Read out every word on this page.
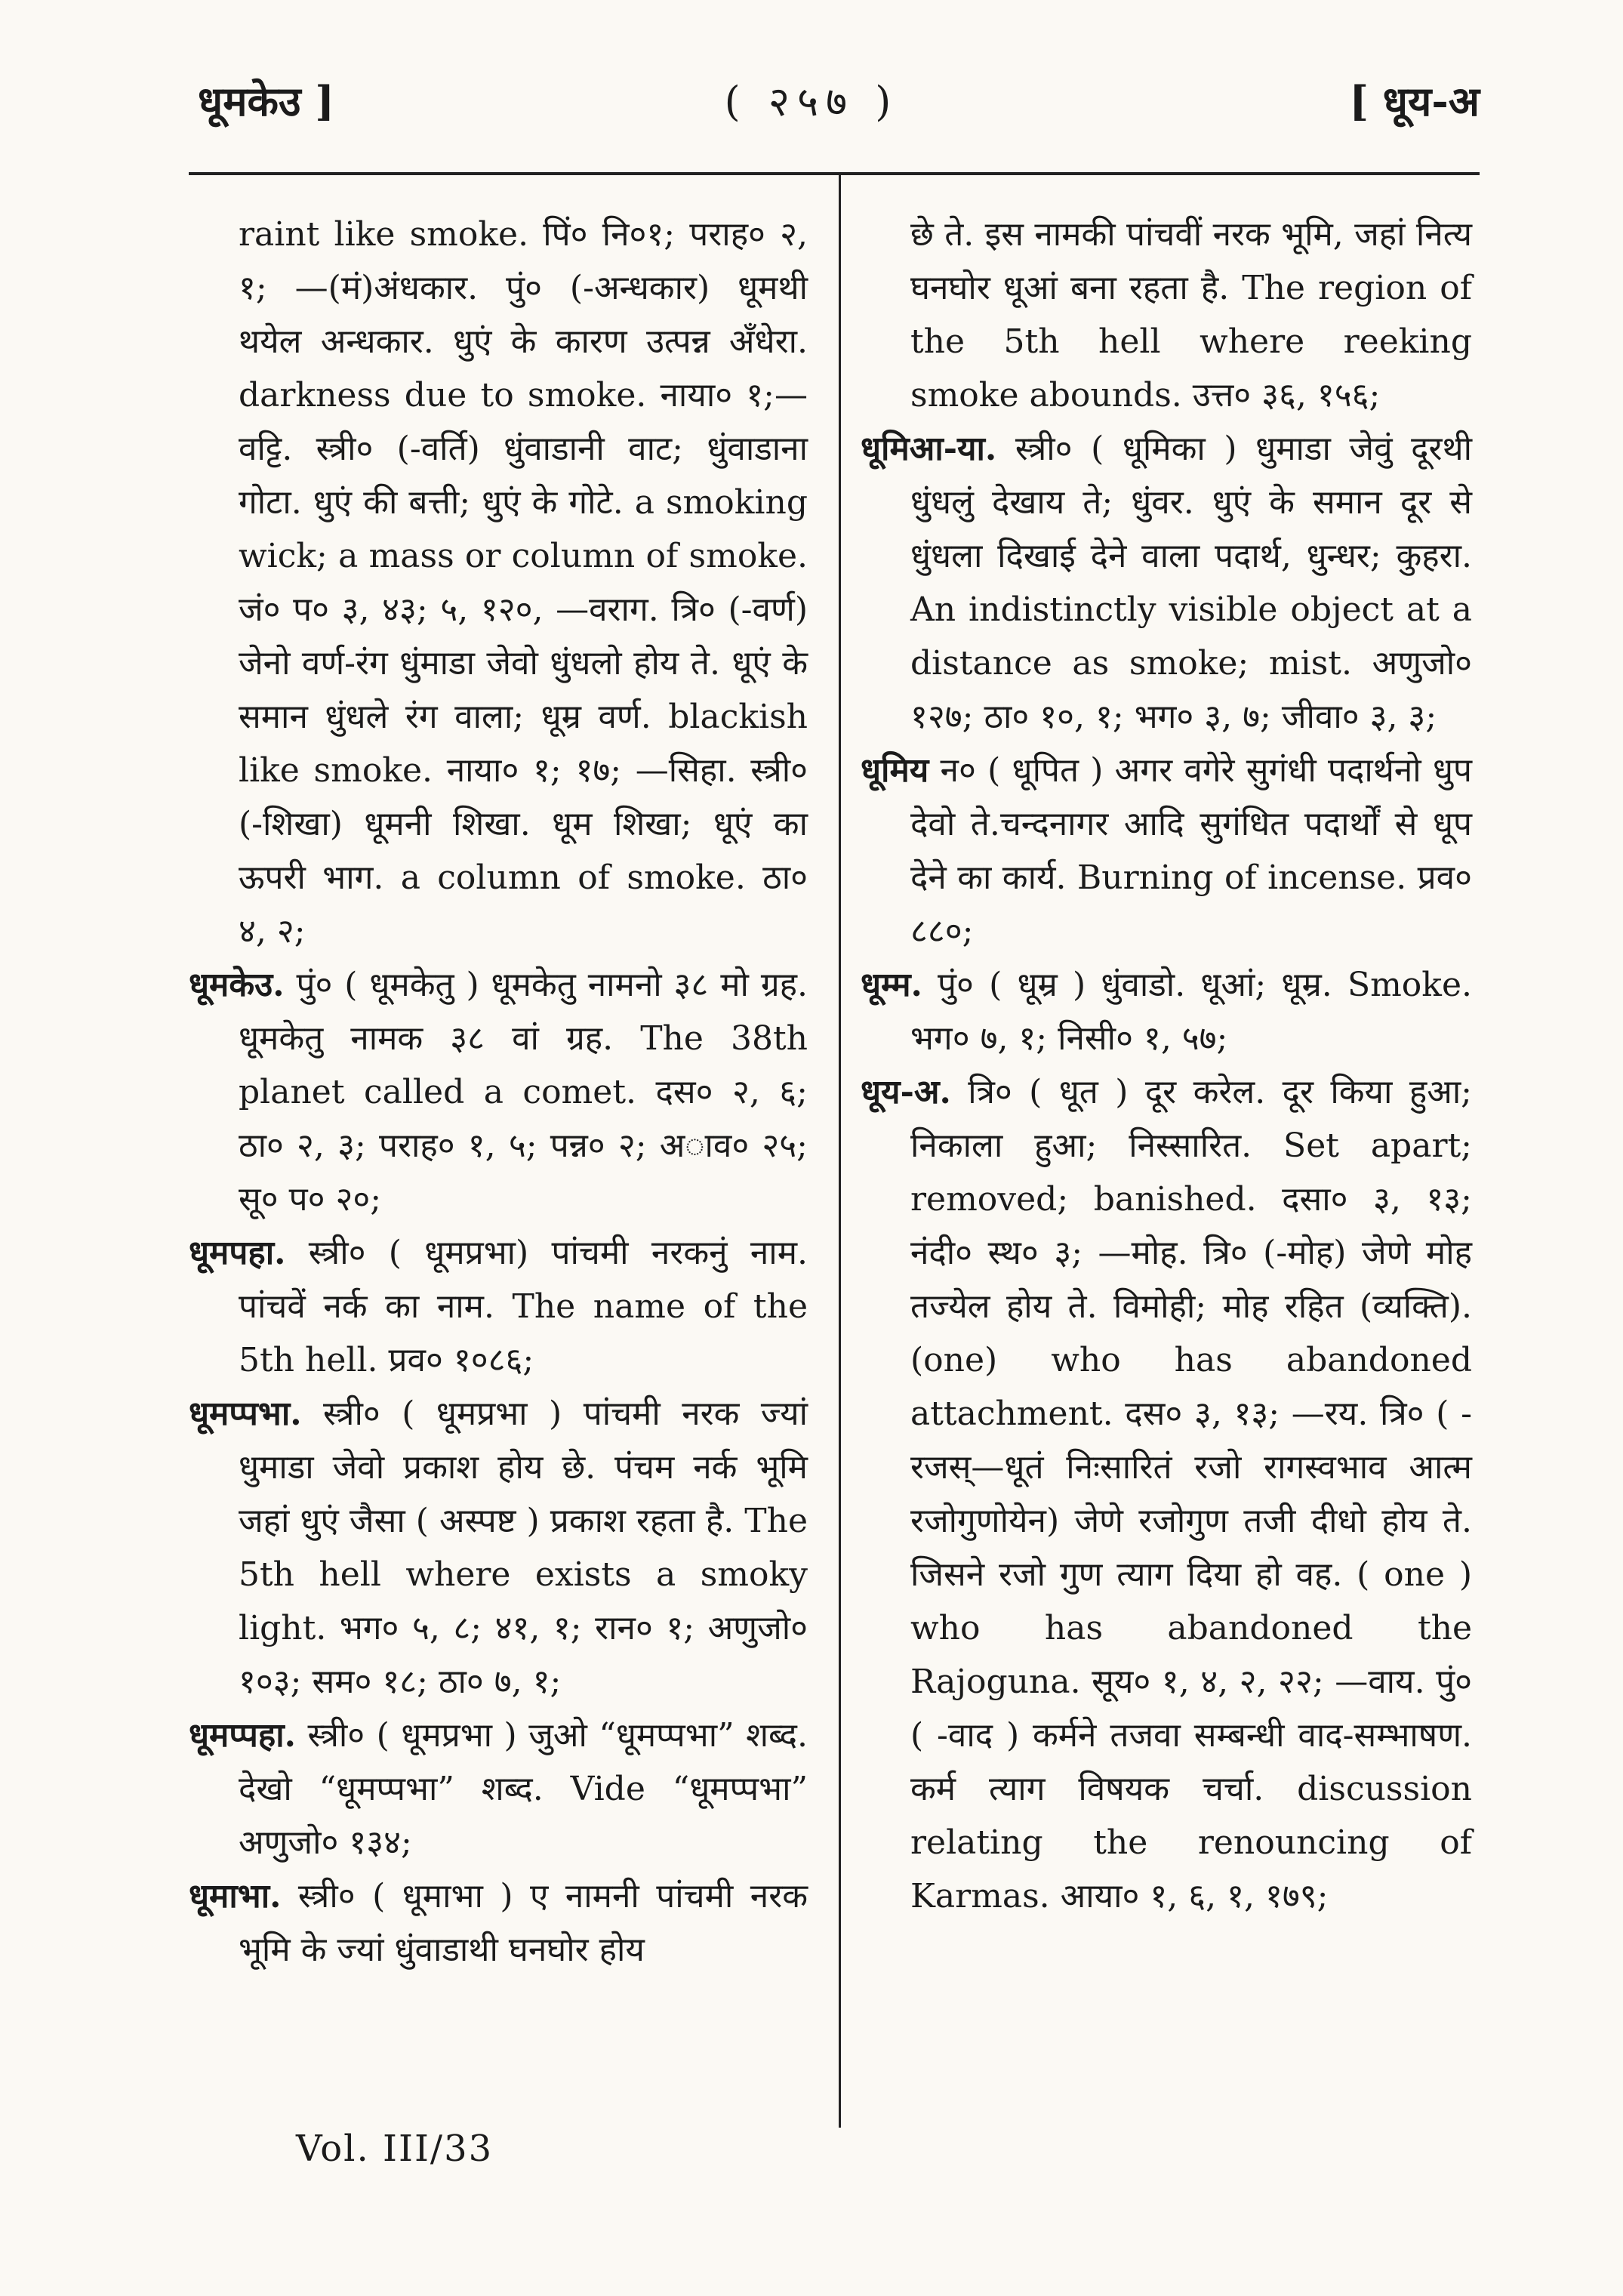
धूमकेउ ]	( २५७ )	[ धूय-अ

raint like smoke. पिं० नि०१; पराह० २, १; —(मं)अंधकार. पुं० (-अन्धकार) धूमथी थयेल अन्धकार. धुएं के कारण उत्पन्न अँधेरा. darkness due to smoke. नाया० १;—वट्टि. स्त्री० (-वर्ति) धुंवाडानी वाट; धुंवाडाना गोटा. धुएं की बत्ती; धुएं के गोटे. a smoking wick; a mass or column of smoke. जं० प० ३, ४३; ५, १२०, —वराग. त्रि० (-वर्ण) जेनो वर्ण-रंग धुंमाडा जेवो धुंधलो होय ते. धूएं के समान धुंधले रंग वाला; धूम्र वर्ण. blackish like smoke. नाया० १; १७; —सिहा. स्त्री० (-शिखा) धूमनी शिखा. धूम शिखा; धूएं का ऊपरी भाग. a column of smoke. ठा० ४, २;

धूमकेउ. पुं० ( धूमकेतु ) धूमकेतु नामनो ३८ मो ग्रह. धूमकेतु नामक ३८ वां ग्रह. The 38th planet called a comet. दस० २, ६; ठा० २, ३; पराह० १, ५; पन्न० २; अाव० २५; सू० प० २०;

धूमपहा. स्त्री० ( धूमप्रभा) पांचमी नरकनुं नाम. पांचवें नर्क का नाम. The name of the 5th hell. प्रव० १०८६;

धूमप्पभा. स्त्री० ( धूमप्रभा ) पांचमी नरक ज्यां धुमाडा जेवो प्रकाश होय छे. पंचम नर्क भूमि जहां धुएं जैसा ( अस्पष्ट ) प्रकाश रहता है. The 5th hell where exists a smoky light. भग० ५, ८; ४१, १; रान० १; अणुजो० १०३; सम० १८; ठा० ७, १;

धूमप्पहा. स्त्री० ( धूमप्रभा ) जुओ “धूमप्पभा” शब्द. देखो “धूमप्पभा” शब्द. Vide “धूमप्पभा” अणुजो० १३४;

धूमाभा. स्त्री० ( धूमाभा ) ए नामनी पांचमी नरक भूमि के ज्यां धुंवाडाथी घनघोर होय

छे ते. इस नामकी पांचवीं नरक भूमि, जहां नित्य घनघोर धूआं बना रहता है. The region of the 5th hell where reeking smoke abounds. उत्त० ३६, १५६;

धूमिआ-या. स्त्री० ( धूमिका ) धुमाडा जेवुं दूरथी धुंधलुं देखाय ते; धुंवर. धुएं के समान दूर से धुंधला दिखाई देने वाला पदार्थ, धुन्धर; कुहरा. An indistinctly visible object at a distance as smoke; mist. अणुजो० १२७; ठा० १०, १; भग० ३, ७; जीवा० ३, ३;

धूमिय न० ( धूपित ) अगर वगेरे सुगंधी पदार्थनो धुप देवो ते.चन्दनागर आदि सुगंधित पदार्थों से धूप देने का कार्य. Burning of incense. प्रव० ८८०;

धूम्म. पुं० ( धूम्र ) धुंवाडो. धूआं; धूम्र. Smoke. भग० ७, १; निसी० १, ५७;

धूय-अ. त्रि० ( धूत ) दूर करेल. दूर किया हुआ; निकाला हुआ; निस्सारित. Set apart; removed; banished. दसा० ३, १३; नंदी० स्थ० ३; —मोह. त्रि० (-मोह) जेणे मोह तज्येल होय ते. विमोही; मोह रहित (व्यक्ति). (one) who has abandoned attachment. दस० ३, १३; —रय. त्रि० ( -रजस्—धूतं निःसारितं रजो रागस्वभाव आत्म रजोगुणोयेन) जेणे रजोगुण तजी दीधो होय ते. जिसने रजो गुण त्याग दिया हो वह. ( one ) who has abandoned the Rajoguna. सूय० १, ४, २, २२; —वाय. पुं० ( -वाद ) कर्मने तजवा सम्बन्धी वाद-सम्भाषण. कर्म त्याग विषयक चर्चा. discussion relating the renouncing of Karmas. आया० १, ६, १, १७९;

Vol. III/33
